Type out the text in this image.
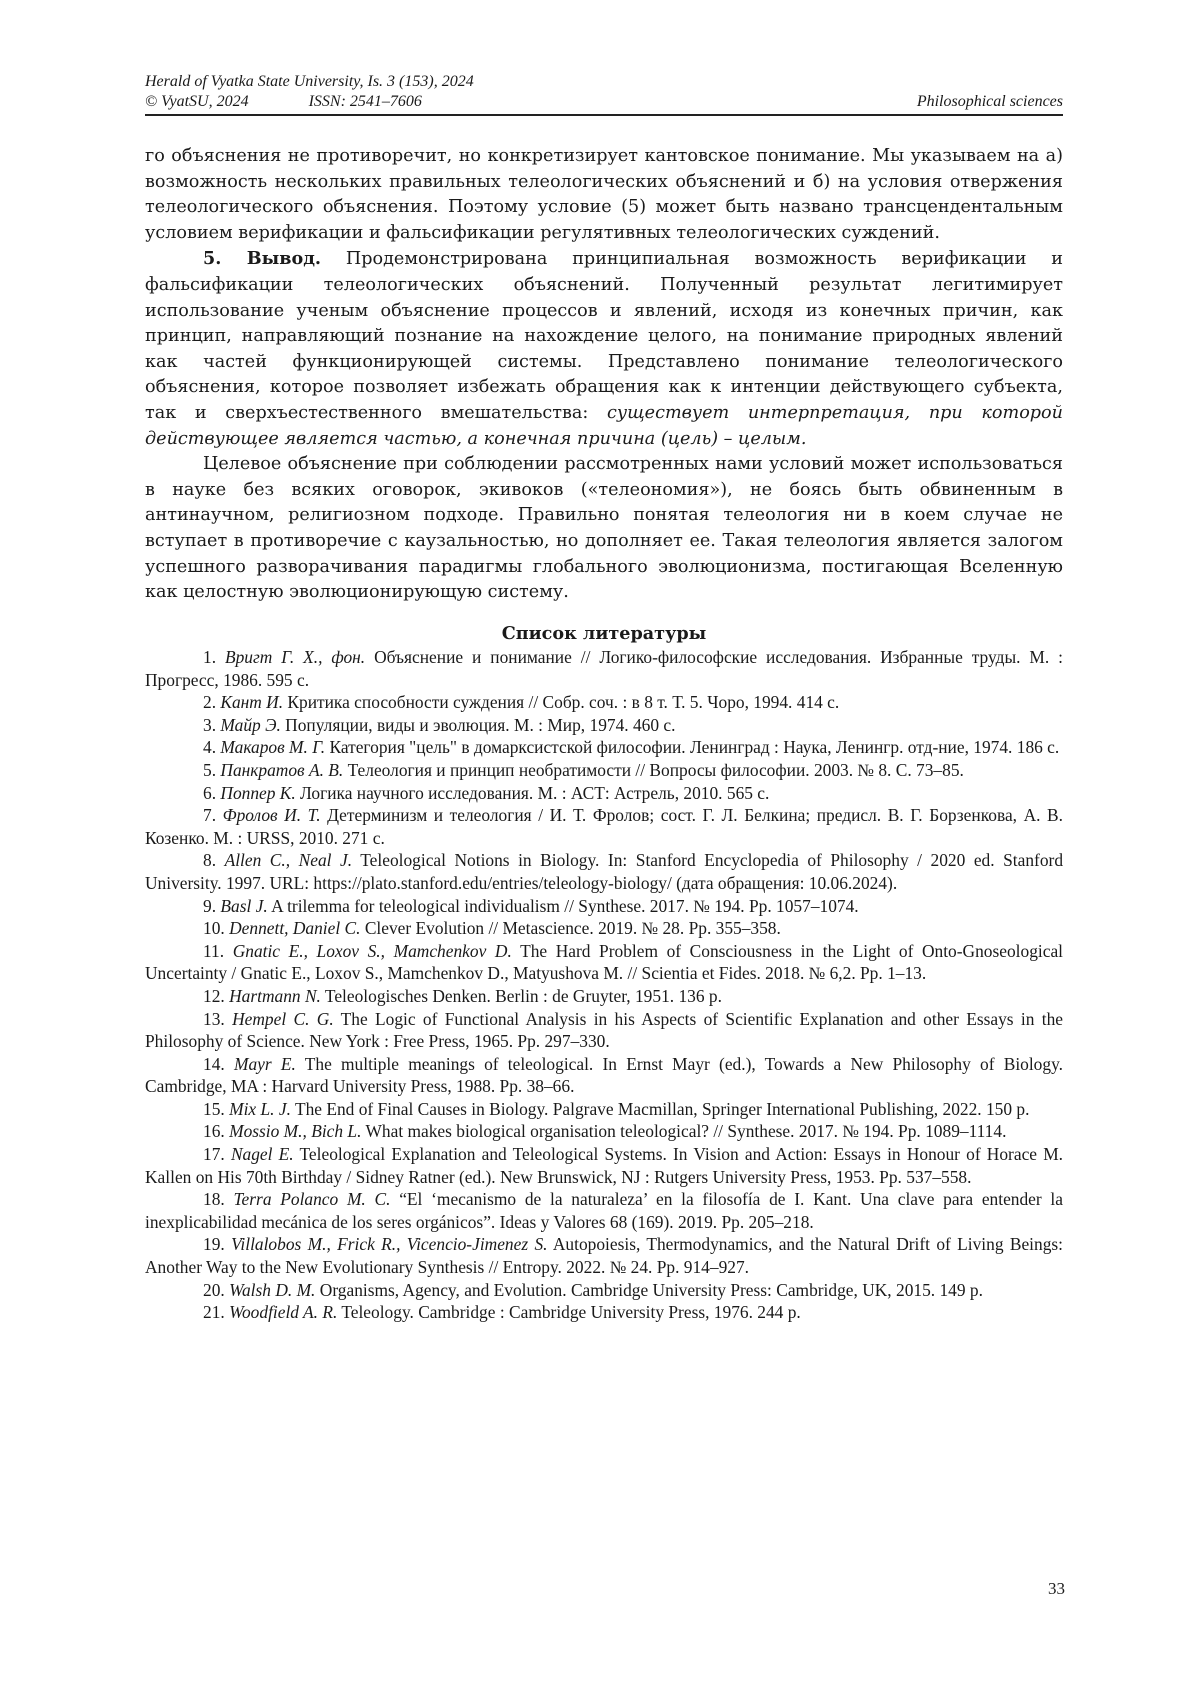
Herald of Vyatka State University, Is. 3 (153), 2024
© VyatSU, 2024	ISSN: 2541–7606	Philosophical sciences

го объяснения не противоречит, но конкретизирует кантовское понимание. Мы указываем на а) возможность нескольких правильных телеологических объяснений и б) на условия отвержения телеологического объяснения. Поэтому условие (5) может быть названо трансцендентальным условием верификации и фальсификации регулятивных телеологических суждений.

5. Вывод. Продемонстрирована принципиальная возможность верификации и фальсификации телеологических объяснений. Полученный результат легитимирует использование ученым объяснение процессов и явлений, исходя из конечных причин, как принцип, направляющий познание на нахождение целого, на понимание природных явлений как частей функционирующей системы. Представлено понимание телеологического объяснения, которое позволяет избежать обращения как к интенции действующего субъекта, так и сверхъестественного вмешательства: существует интерпретация, при которой действующее является частью, а конечная причина (цель) – целым.

Целевое объяснение при соблюдении рассмотренных нами условий может использоваться в науке без всяких оговорок, экивоков («телеономия»), не боясь быть обвиненным в антинаучном, религиозном подходе. Правильно понятая телеология ни в коем случае не вступает в противоречие с каузальностью, но дополняет ее. Такая телеология является залогом успешного разворачивания парадигмы глобального эволюционизма, постигающая Вселенную как целостную эволюционирующую систему.

Список литературы

1. Вригт Г. Х., фон. Объяснение и понимание // Логико-философские исследования. Избранные труды. М. : Прогресс, 1986. 595 с.

2. Кант И. Критика способности суждения // Собр. соч. : в 8 т. Т. 5. Чоро, 1994. 414 с.

3. Майр Э. Популяции, виды и эволюция. М. : Мир, 1974. 460 с.

4. Макаров М. Г. Категория "цель" в домарксистской философии. Ленинград : Наука, Ленингр. отд-ние, 1974. 186 с.

5. Панкратов А. В. Телеология и принцип необратимости // Вопросы философии. 2003. № 8. С. 73–85.

6. Поппер К. Логика научного исследования. М. : АСТ: Астрель, 2010. 565 с.

7. Фролов И. Т. Детерминизм и телеология / И. Т. Фролов; сост. Г. Л. Белкина; предисл. В. Г. Борзенкова, А. В. Козенко. М. : URSS, 2010. 271 с.

8. Allen C., Neal J. Teleological Notions in Biology. In: Stanford Encyclopedia of Philosophy / 2020 ed. Stanford University. 1997. URL: https://plato.stanford.edu/entries/teleology-biology/ (дата обращения: 10.06.2024).

9. Basl J. A trilemma for teleological individualism // Synthese. 2017. № 194. Pp. 1057–1074.

10. Dennett, Daniel C. Clever Evolution // Metascience. 2019. № 28. Pp. 355–358.

11. Gnatic E., Loxov S., Mamchenkov D. The Hard Problem of Consciousness in the Light of Onto-Gnoseological Uncertainty / Gnatic E., Loxov S., Mamchenkov D., Matyushova M. // Scientia et Fides. 2018. № 6,2. Pp. 1–13.

12. Hartmann N. Teleologisches Denken. Berlin : de Gruyter, 1951. 136 p.

13. Hempel C. G. The Logic of Functional Analysis in his Aspects of Scientific Explanation and other Essays in the Philosophy of Science. New York : Free Press, 1965. Pp. 297–330.

14. Mayr E. The multiple meanings of teleological. In Ernst Mayr (ed.), Towards a New Philosophy of Biology. Cambridge, MA : Harvard University Press, 1988. Pp. 38–66.

15. Mix L. J. The End of Final Causes in Biology. Palgrave Macmillan, Springer International Publishing, 2022. 150 p.

16. Mossio M., Bich L. What makes biological organisation teleological? // Synthese. 2017. № 194. Pp. 1089–1114.

17. Nagel E. Teleological Explanation and Teleological Systems. In Vision and Action: Essays in Honour of Horace M. Kallen on His 70th Birthday / Sidney Ratner (ed.). New Brunswick, NJ : Rutgers University Press, 1953. Pp. 537–558.

18. Terra Polanco M. C. “El ‘mecanismo de la naturaleza’ en la filosofía de I. Kant. Una clave para entender la inexplicabilidad mecánica de los seres orgánicos”. Ideas y Valores 68 (169). 2019. Pp. 205–218.

19. Villalobos M., Frick R., Vicencio-Jimenez S. Autopoiesis, Thermodynamics, and the Natural Drift of Living Beings: Another Way to the New Evolutionary Synthesis // Entropy. 2022. № 24. Pp. 914–927.

20. Walsh D. M. Organisms, Agency, and Evolution. Cambridge University Press: Cambridge, UK, 2015. 149 p.

21. Woodfield A. R. Teleology. Cambridge : Cambridge University Press, 1976. 244 p.

33
